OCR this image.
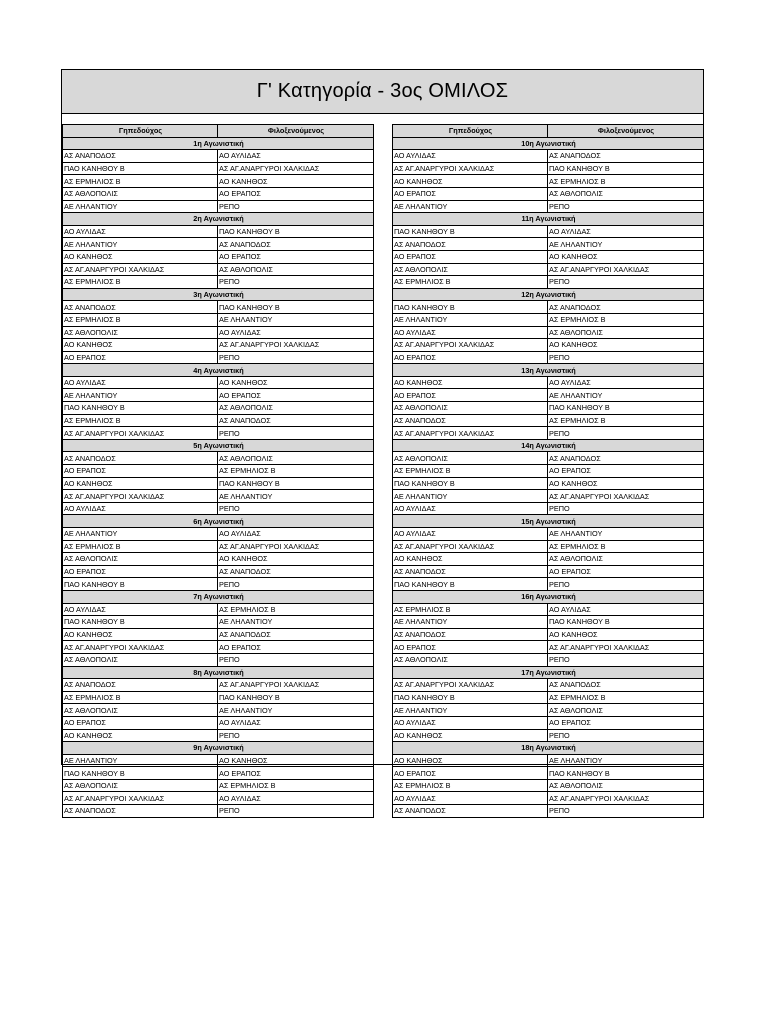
Γ' Κατηγορία - 3ος ΟΜΙΛΟΣ
Γηπεδούχος	Φιλοξενούμενος
1η Αγωνιστική	
ΑΣ ΑΝΑΠΟΔΟΣ	ΑΟ ΑΥΛΙΔΑΣ
ΠΑΟ ΚΑΝΗΘΟΥ Β	ΑΣ ΑΓ.ΑΝΑΡΓΥΡΟΙ ΧΑΛΚΙΔΑΣ
ΑΣ ΕΡΜΗΛΙΟΣ Β	ΑΟ ΚΑΝΗΘΟΣ
ΑΣ ΑΘΛΟΠΟΛΙΣ	ΑΟ ΕΡΑΠΟΣ
ΑΕ ΛΗΛΑΝΤΙΟΥ	ΡΕΠΟ
2η Αγωνιστική	
ΑΟ ΑΥΛΙΔΑΣ	ΠΑΟ ΚΑΝΗΘΟΥ Β
ΑΕ ΛΗΛΑΝΤΙΟΥ	ΑΣ ΑΝΑΠΟΔΟΣ
ΑΟ ΚΑΝΗΘΟΣ	ΑΟ ΕΡΑΠΟΣ
ΑΣ ΑΓ.ΑΝΑΡΓΥΡΟΙ ΧΑΛΚΙΔΑΣ	ΑΣ ΑΘΛΟΠΟΛΙΣ
ΑΣ ΕΡΜΗΛΙΟΣ Β	ΡΕΠΟ
3η Αγωνιστική	
ΑΣ ΑΝΑΠΟΔΟΣ	ΠΑΟ ΚΑΝΗΘΟΥ Β
ΑΣ ΕΡΜΗΛΙΟΣ Β	ΑΕ ΛΗΛΑΝΤΙΟΥ
ΑΣ ΑΘΛΟΠΟΛΙΣ	ΑΟ ΑΥΛΙΔΑΣ
ΑΟ ΚΑΝΗΘΟΣ	ΑΣ ΑΓ.ΑΝΑΡΓΥΡΟΙ ΧΑΛΚΙΔΑΣ
ΑΟ ΕΡΑΠΟΣ	ΡΕΠΟ
4η Αγωνιστική	
ΑΟ ΑΥΛΙΔΑΣ	ΑΟ ΚΑΝΗΘΟΣ
ΑΕ ΛΗΛΑΝΤΙΟΥ	ΑΟ ΕΡΑΠΟΣ
ΠΑΟ ΚΑΝΗΘΟΥ Β	ΑΣ ΑΘΛΟΠΟΛΙΣ
ΑΣ ΕΡΜΗΛΙΟΣ Β	ΑΣ ΑΝΑΠΟΔΟΣ
ΑΣ ΑΓ.ΑΝΑΡΓΥΡΟΙ ΧΑΛΚΙΔΑΣ	ΡΕΠΟ
5η Αγωνιστική	
ΑΣ ΑΝΑΠΟΔΟΣ	ΑΣ ΑΘΛΟΠΟΛΙΣ
ΑΟ ΕΡΑΠΟΣ	ΑΣ ΕΡΜΗΛΙΟΣ Β
ΑΟ ΚΑΝΗΘΟΣ	ΠΑΟ ΚΑΝΗΘΟΥ Β
ΑΣ ΑΓ.ΑΝΑΡΓΥΡΟΙ ΧΑΛΚΙΔΑΣ	ΑΕ ΛΗΛΑΝΤΙΟΥ
ΑΟ ΑΥΛΙΔΑΣ	ΡΕΠΟ
6η Αγωνιστική	
ΑΕ ΛΗΛΑΝΤΙΟΥ	ΑΟ ΑΥΛΙΔΑΣ
ΑΣ ΕΡΜΗΛΙΟΣ Β	ΑΣ ΑΓ.ΑΝΑΡΓΥΡΟΙ ΧΑΛΚΙΔΑΣ
ΑΣ ΑΘΛΟΠΟΛΙΣ	ΑΟ ΚΑΝΗΘΟΣ
ΑΟ ΕΡΑΠΟΣ	ΑΣ ΑΝΑΠΟΔΟΣ
ΠΑΟ ΚΑΝΗΘΟΥ Β	ΡΕΠΟ
7η Αγωνιστική	
ΑΟ ΑΥΛΙΔΑΣ	ΑΣ ΕΡΜΗΛΙΟΣ Β
ΠΑΟ ΚΑΝΗΘΟΥ Β	ΑΕ ΛΗΛΑΝΤΙΟΥ
ΑΟ ΚΑΝΗΘΟΣ	ΑΣ ΑΝΑΠΟΔΟΣ
ΑΣ ΑΓ.ΑΝΑΡΓΥΡΟΙ ΧΑΛΚΙΔΑΣ	ΑΟ ΕΡΑΠΟΣ
ΑΣ ΑΘΛΟΠΟΛΙΣ	ΡΕΠΟ
8η Αγωνιστική	
ΑΣ ΑΝΑΠΟΔΟΣ	ΑΣ ΑΓ.ΑΝΑΡΓΥΡΟΙ ΧΑΛΚΙΔΑΣ
ΑΣ ΕΡΜΗΛΙΟΣ Β	ΠΑΟ ΚΑΝΗΘΟΥ Β
ΑΣ ΑΘΛΟΠΟΛΙΣ	ΑΕ ΛΗΛΑΝΤΙΟΥ
ΑΟ ΕΡΑΠΟΣ	ΑΟ ΑΥΛΙΔΑΣ
ΑΟ ΚΑΝΗΘΟΣ	ΡΕΠΟ
9η Αγωνιστική	
ΑΕ ΛΗΛΑΝΤΙΟΥ	ΑΟ ΚΑΝΗΘΟΣ
ΠΑΟ ΚΑΝΗΘΟΥ Β	ΑΟ ΕΡΑΠΟΣ
ΑΣ ΑΘΛΟΠΟΛΙΣ	ΑΣ ΕΡΜΗΛΙΟΣ Β
ΑΣ ΑΓ.ΑΝΑΡΓΥΡΟΙ ΧΑΛΚΙΔΑΣ	ΑΟ ΑΥΛΙΔΑΣ
ΑΣ ΑΝΑΠΟΔΟΣ	ΡΕΠΟ
Γηπεδούχος	Φιλοξενούμενος
10η Αγωνιστική	
ΑΟ ΑΥΛΙΔΑΣ	ΑΣ ΑΝΑΠΟΔΟΣ
ΑΣ ΑΓ.ΑΝΑΡΓΥΡΟΙ ΧΑΛΚΙΔΑΣ	ΠΑΟ ΚΑΝΗΘΟΥ Β
ΑΟ ΚΑΝΗΘΟΣ	ΑΣ ΕΡΜΗΛΙΟΣ Β
ΑΟ ΕΡΑΠΟΣ	ΑΣ ΑΘΛΟΠΟΛΙΣ
ΑΕ ΛΗΛΑΝΤΙΟΥ	ΡΕΠΟ
11η Αγωνιστική	
ΠΑΟ ΚΑΝΗΘΟΥ Β	ΑΟ ΑΥΛΙΔΑΣ
ΑΣ ΑΝΑΠΟΔΟΣ	ΑΕ ΛΗΛΑΝΤΙΟΥ
ΑΟ ΕΡΑΠΟΣ	ΑΟ ΚΑΝΗΘΟΣ
ΑΣ ΑΘΛΟΠΟΛΙΣ	ΑΣ ΑΓ.ΑΝΑΡΓΥΡΟΙ ΧΑΛΚΙΔΑΣ
ΑΣ ΕΡΜΗΛΙΟΣ Β	ΡΕΠΟ
12η Αγωνιστική	
ΠΑΟ ΚΑΝΗΘΟΥ Β	ΑΣ ΑΝΑΠΟΔΟΣ
ΑΕ ΛΗΛΑΝΤΙΟΥ	ΑΣ ΕΡΜΗΛΙΟΣ Β
ΑΟ ΑΥΛΙΔΑΣ	ΑΣ ΑΘΛΟΠΟΛΙΣ
ΑΣ ΑΓ.ΑΝΑΡΓΥΡΟΙ ΧΑΛΚΙΔΑΣ	ΑΟ ΚΑΝΗΘΟΣ
ΑΟ ΕΡΑΠΟΣ	ΡΕΠΟ
13η Αγωνιστική	
ΑΟ ΚΑΝΗΘΟΣ	ΑΟ ΑΥΛΙΔΑΣ
ΑΟ ΕΡΑΠΟΣ	ΑΕ ΛΗΛΑΝΤΙΟΥ
ΑΣ ΑΘΛΟΠΟΛΙΣ	ΠΑΟ ΚΑΝΗΘΟΥ Β
ΑΣ ΑΝΑΠΟΔΟΣ	ΑΣ ΕΡΜΗΛΙΟΣ Β
ΑΣ ΑΓ.ΑΝΑΡΓΥΡΟΙ ΧΑΛΚΙΔΑΣ	ΡΕΠΟ
14η Αγωνιστική	
ΑΣ ΑΘΛΟΠΟΛΙΣ	ΑΣ ΑΝΑΠΟΔΟΣ
ΑΣ ΕΡΜΗΛΙΟΣ Β	ΑΟ ΕΡΑΠΟΣ
ΠΑΟ ΚΑΝΗΘΟΥ Β	ΑΟ ΚΑΝΗΘΟΣ
ΑΕ ΛΗΛΑΝΤΙΟΥ	ΑΣ ΑΓ.ΑΝΑΡΓΥΡΟΙ ΧΑΛΚΙΔΑΣ
ΑΟ ΑΥΛΙΔΑΣ	ΡΕΠΟ
15η Αγωνιστική	
ΑΟ ΑΥΛΙΔΑΣ	ΑΕ ΛΗΛΑΝΤΙΟΥ
ΑΣ ΑΓ.ΑΝΑΡΓΥΡΟΙ ΧΑΛΚΙΔΑΣ	ΑΣ ΕΡΜΗΛΙΟΣ Β
ΑΟ ΚΑΝΗΘΟΣ	ΑΣ ΑΘΛΟΠΟΛΙΣ
ΑΣ ΑΝΑΠΟΔΟΣ	ΑΟ ΕΡΑΠΟΣ
ΠΑΟ ΚΑΝΗΘΟΥ Β	ΡΕΠΟ
16η Αγωνιστική	
ΑΣ ΕΡΜΗΛΙΟΣ Β	ΑΟ ΑΥΛΙΔΑΣ
ΑΕ ΛΗΛΑΝΤΙΟΥ	ΠΑΟ ΚΑΝΗΘΟΥ Β
ΑΣ ΑΝΑΠΟΔΟΣ	ΑΟ ΚΑΝΗΘΟΣ
ΑΟ ΕΡΑΠΟΣ	ΑΣ ΑΓ.ΑΝΑΡΓΥΡΟΙ ΧΑΛΚΙΔΑΣ
ΑΣ ΑΘΛΟΠΟΛΙΣ	ΡΕΠΟ
17η Αγωνιστική	
ΑΣ ΑΓ.ΑΝΑΡΓΥΡΟΙ ΧΑΛΚΙΔΑΣ	ΑΣ ΑΝΑΠΟΔΟΣ
ΠΑΟ ΚΑΝΗΘΟΥ Β	ΑΣ ΕΡΜΗΛΙΟΣ Β
ΑΕ ΛΗΛΑΝΤΙΟΥ	ΑΣ ΑΘΛΟΠΟΛΙΣ
ΑΟ ΑΥΛΙΔΑΣ	ΑΟ ΕΡΑΠΟΣ
ΑΟ ΚΑΝΗΘΟΣ	ΡΕΠΟ
18η Αγωνιστική	
ΑΟ ΚΑΝΗΘΟΣ	ΑΕ ΛΗΛΑΝΤΙΟΥ
ΑΟ ΕΡΑΠΟΣ	ΠΑΟ ΚΑΝΗΘΟΥ Β
ΑΣ ΕΡΜΗΛΙΟΣ Β	ΑΣ ΑΘΛΟΠΟΛΙΣ
ΑΟ ΑΥΛΙΔΑΣ	ΑΣ ΑΓ.ΑΝΑΡΓΥΡΟΙ ΧΑΛΚΙΔΑΣ
ΑΣ ΑΝΑΠΟΔΟΣ	ΡΕΠΟ
